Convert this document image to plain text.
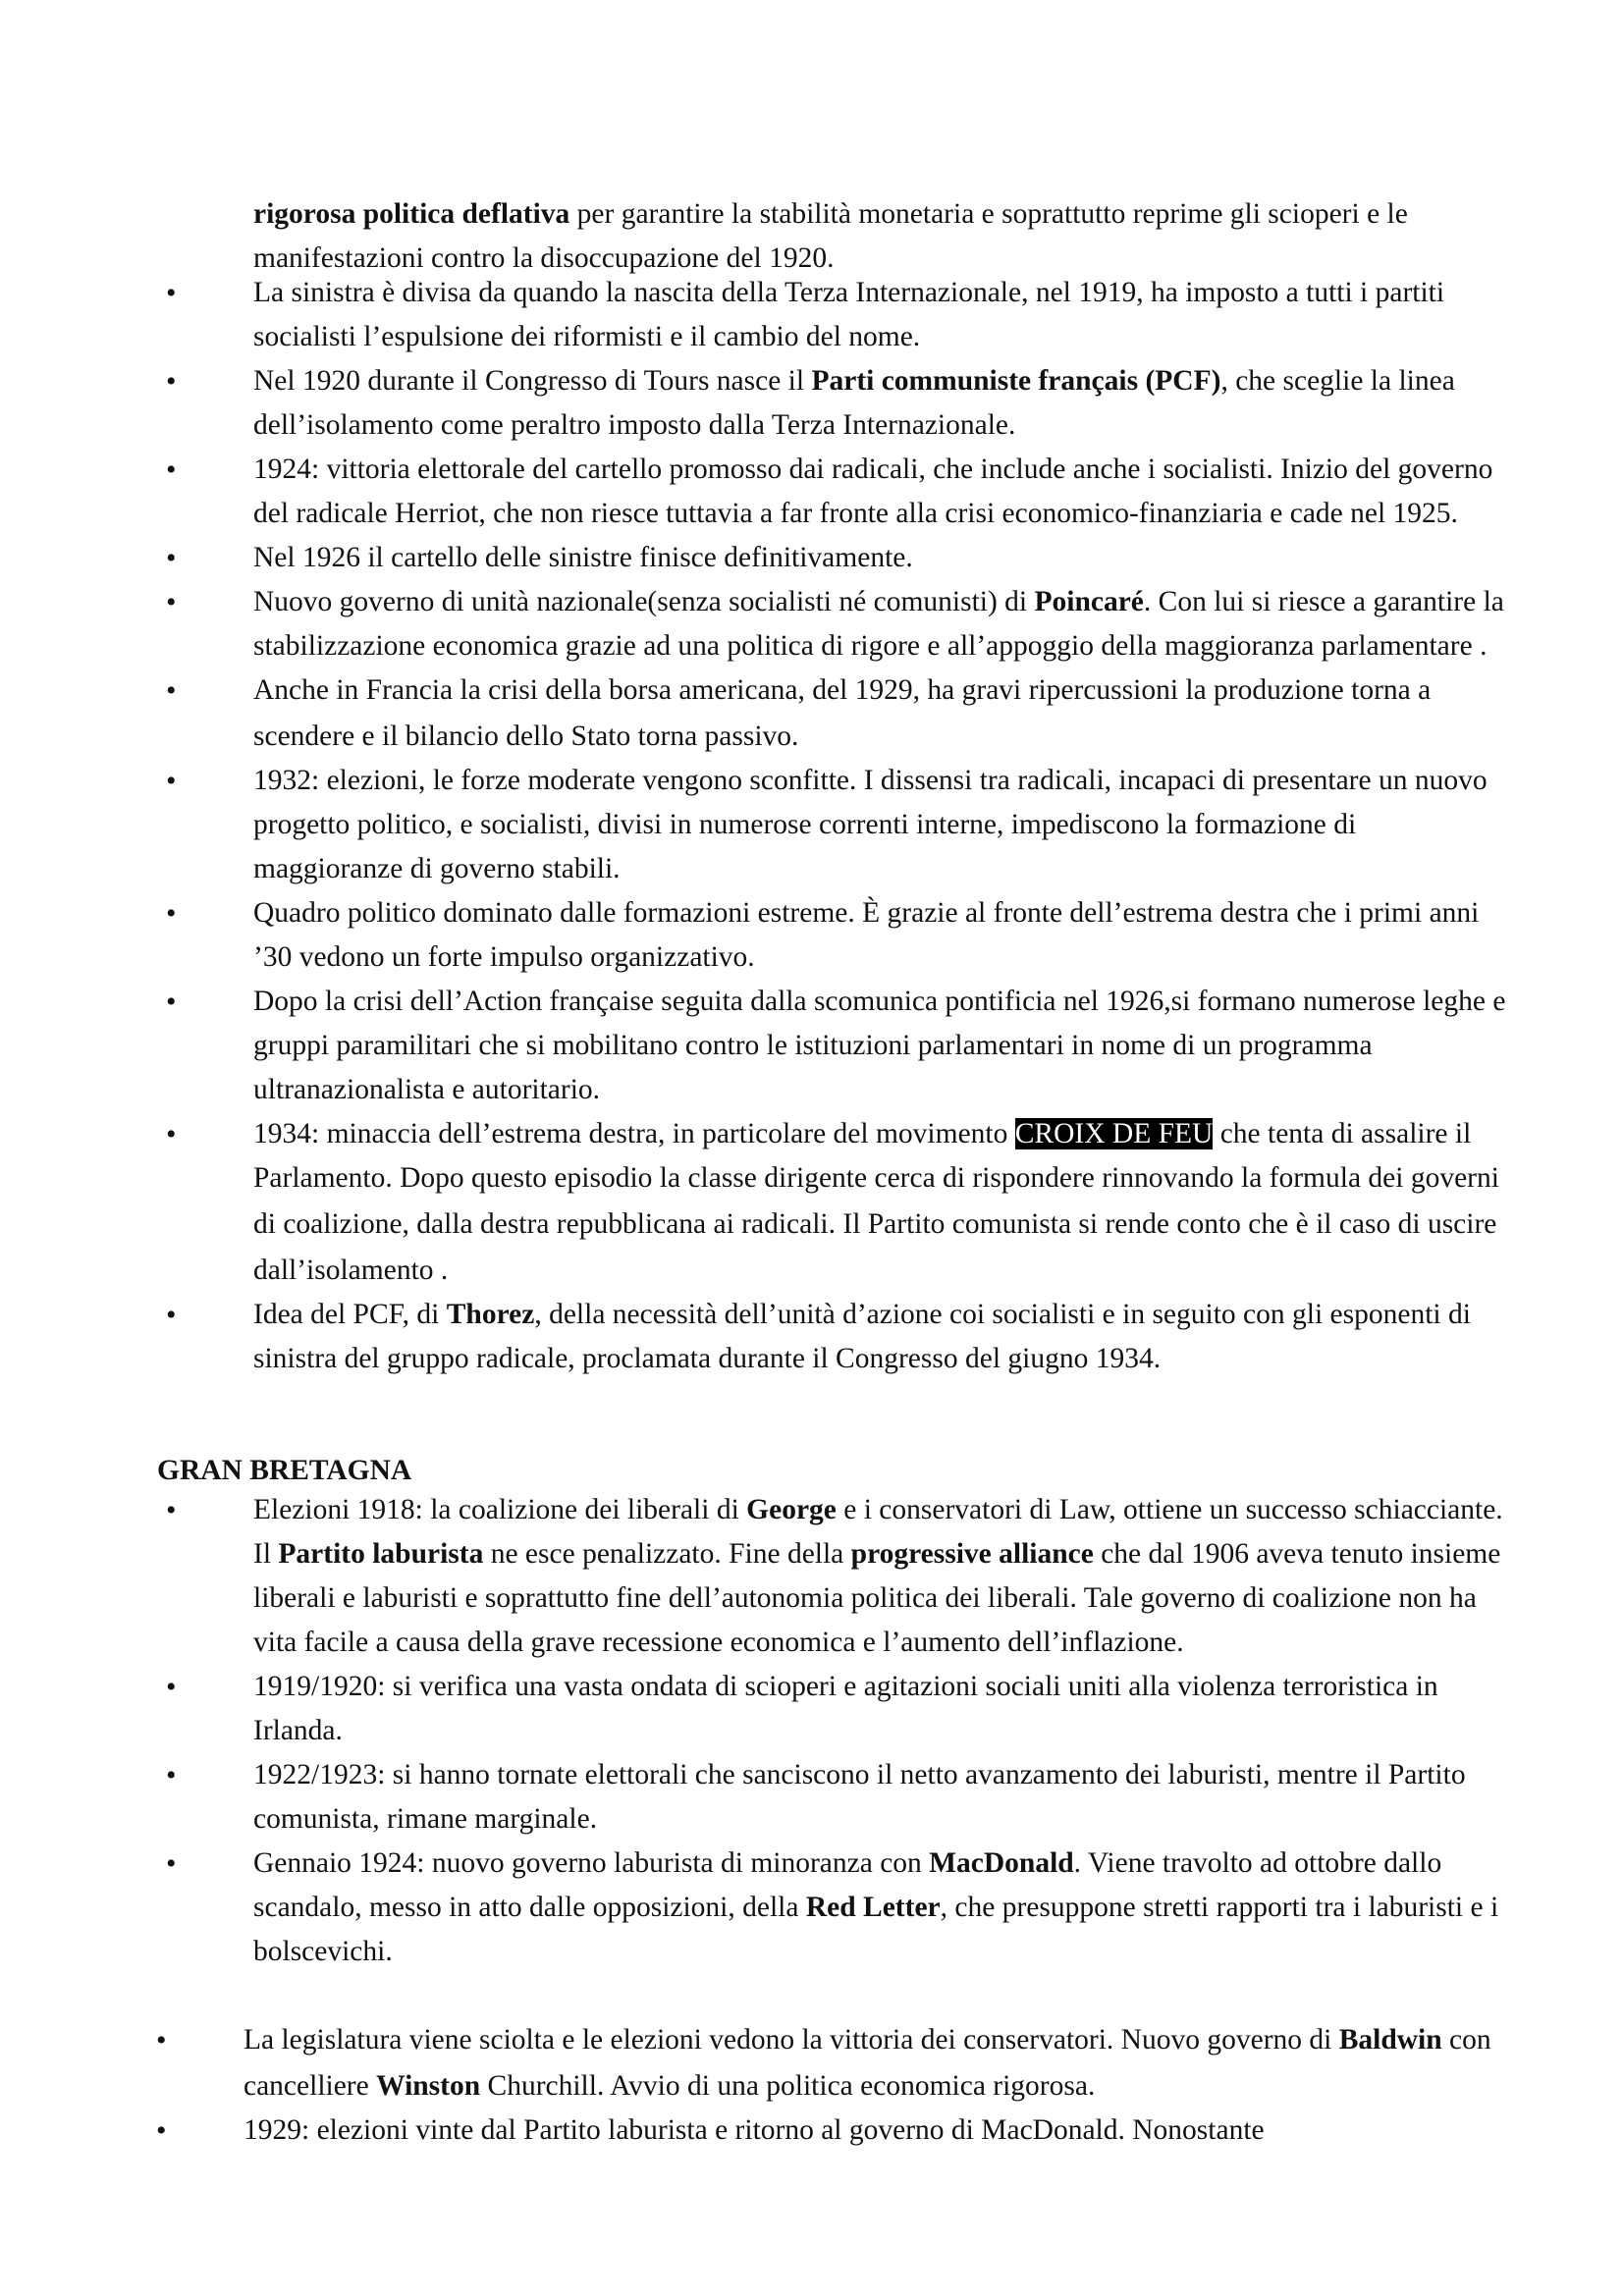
rigorosa politica deflativa per garantire la stabilità monetaria e soprattutto reprime gli scioperi e le manifestazioni contro la disoccupazione del 1920.
• La sinistra è divisa da quando la nascita della Terza Internazionale, nel 1919, ha imposto a tutti i partiti socialisti l’espulsione dei riformisti e il cambio del nome.
• Nel 1920 durante il Congresso di Tours nasce il Parti communiste français (PCF), che sceglie la linea dell’isolamento come peraltro imposto dalla Terza Internazionale.
• 1924: vittoria elettorale del cartello promosso dai radicali, che include anche i socialisti. Inizio del governo del radicale Herriot, che non riesce tuttavia a far fronte alla crisi economico-finanziaria e cade nel 1925.
• Nel 1926 il cartello delle sinistre finisce definitivamente.
• Nuovo governo di unità nazionale(senza socialisti né comunisti) di Poincaré. Con lui si riesce a garantire la stabilizzazione economica grazie ad una politica di rigore e all’appoggio della maggioranza parlamentare .
• Anche in Francia la crisi della borsa americana, del 1929, ha gravi ripercussioni la produzione torna a scendere e il bilancio dello Stato torna passivo.
• 1932: elezioni, le forze moderate vengono sconfitte. I dissensi tra radicali, incapaci di presentare un nuovo progetto politico, e socialisti, divisi in numerose correnti interne, impediscono la formazione di maggioranze di governo stabili.
• Quadro politico dominato dalle formazioni estreme. È grazie al fronte dell’estrema destra che i primi anni ’30 vedono un forte impulso organizzativo.
• Dopo la crisi dell’Action française seguita dalla scomunica pontificia nel 1926,si formano numerose leghe e gruppi paramilitari che si mobilitano contro le istituzioni parlamentari in nome di un programma ultranazionalista e autoritario.
• 1934: minaccia dell’estrema destra, in particolare del movimento CROIX DE FEU che tenta di assalire il Parlamento. Dopo questo episodio la classe dirigente cerca di rispondere rinnovando la formula dei governi di coalizione, dalla destra repubblicana ai radicali. Il Partito comunista si rende conto che è il caso di uscire dall’isolamento .
• Idea del PCF, di Thorez, della necessità dell’unità d’azione coi socialisti e in seguito con gli esponenti di sinistra del gruppo radicale, proclamata durante il Congresso del giugno 1934.
GRAN BRETAGNA
• Elezioni 1918: la coalizione dei liberali di George e i conservatori di Law, ottiene un successo schiacciante. Il Partito laburista ne esce penalizzato. Fine della progressive alliance che dal 1906 aveva tenuto insieme liberali e laburisti e soprattutto fine dell’autonomia politica dei liberali. Tale governo di coalizione non ha vita facile a causa della grave recessione economica e l’aumento dell’inflazione.
• 1919/1920: si verifica una vasta ondata di scioperi e agitazioni sociali uniti alla violenza terroristica in Irlanda.
• 1922/1923: si hanno tornate elettorali che sanciscono il netto avanzamento dei laburisti, mentre il Partito comunista, rimane marginale.
• Gennaio 1924: nuovo governo laburista di minoranza con MacDonald. Viene travolto ad ottobre dallo scandalo, messo in atto dalle opposizioni, della Red Letter, che presuppone stretti rapporti tra i laburisti e i bolscevichi.
• La legislatura viene sciolta e le elezioni vedono la vittoria dei conservatori. Nuovo governo di Baldwin con cancelliere Winston Churchill. Avvio di una politica economica rigorosa.
• 1929: elezioni vinte dal Partito laburista e ritorno al governo di MacDonald. Nonostante
